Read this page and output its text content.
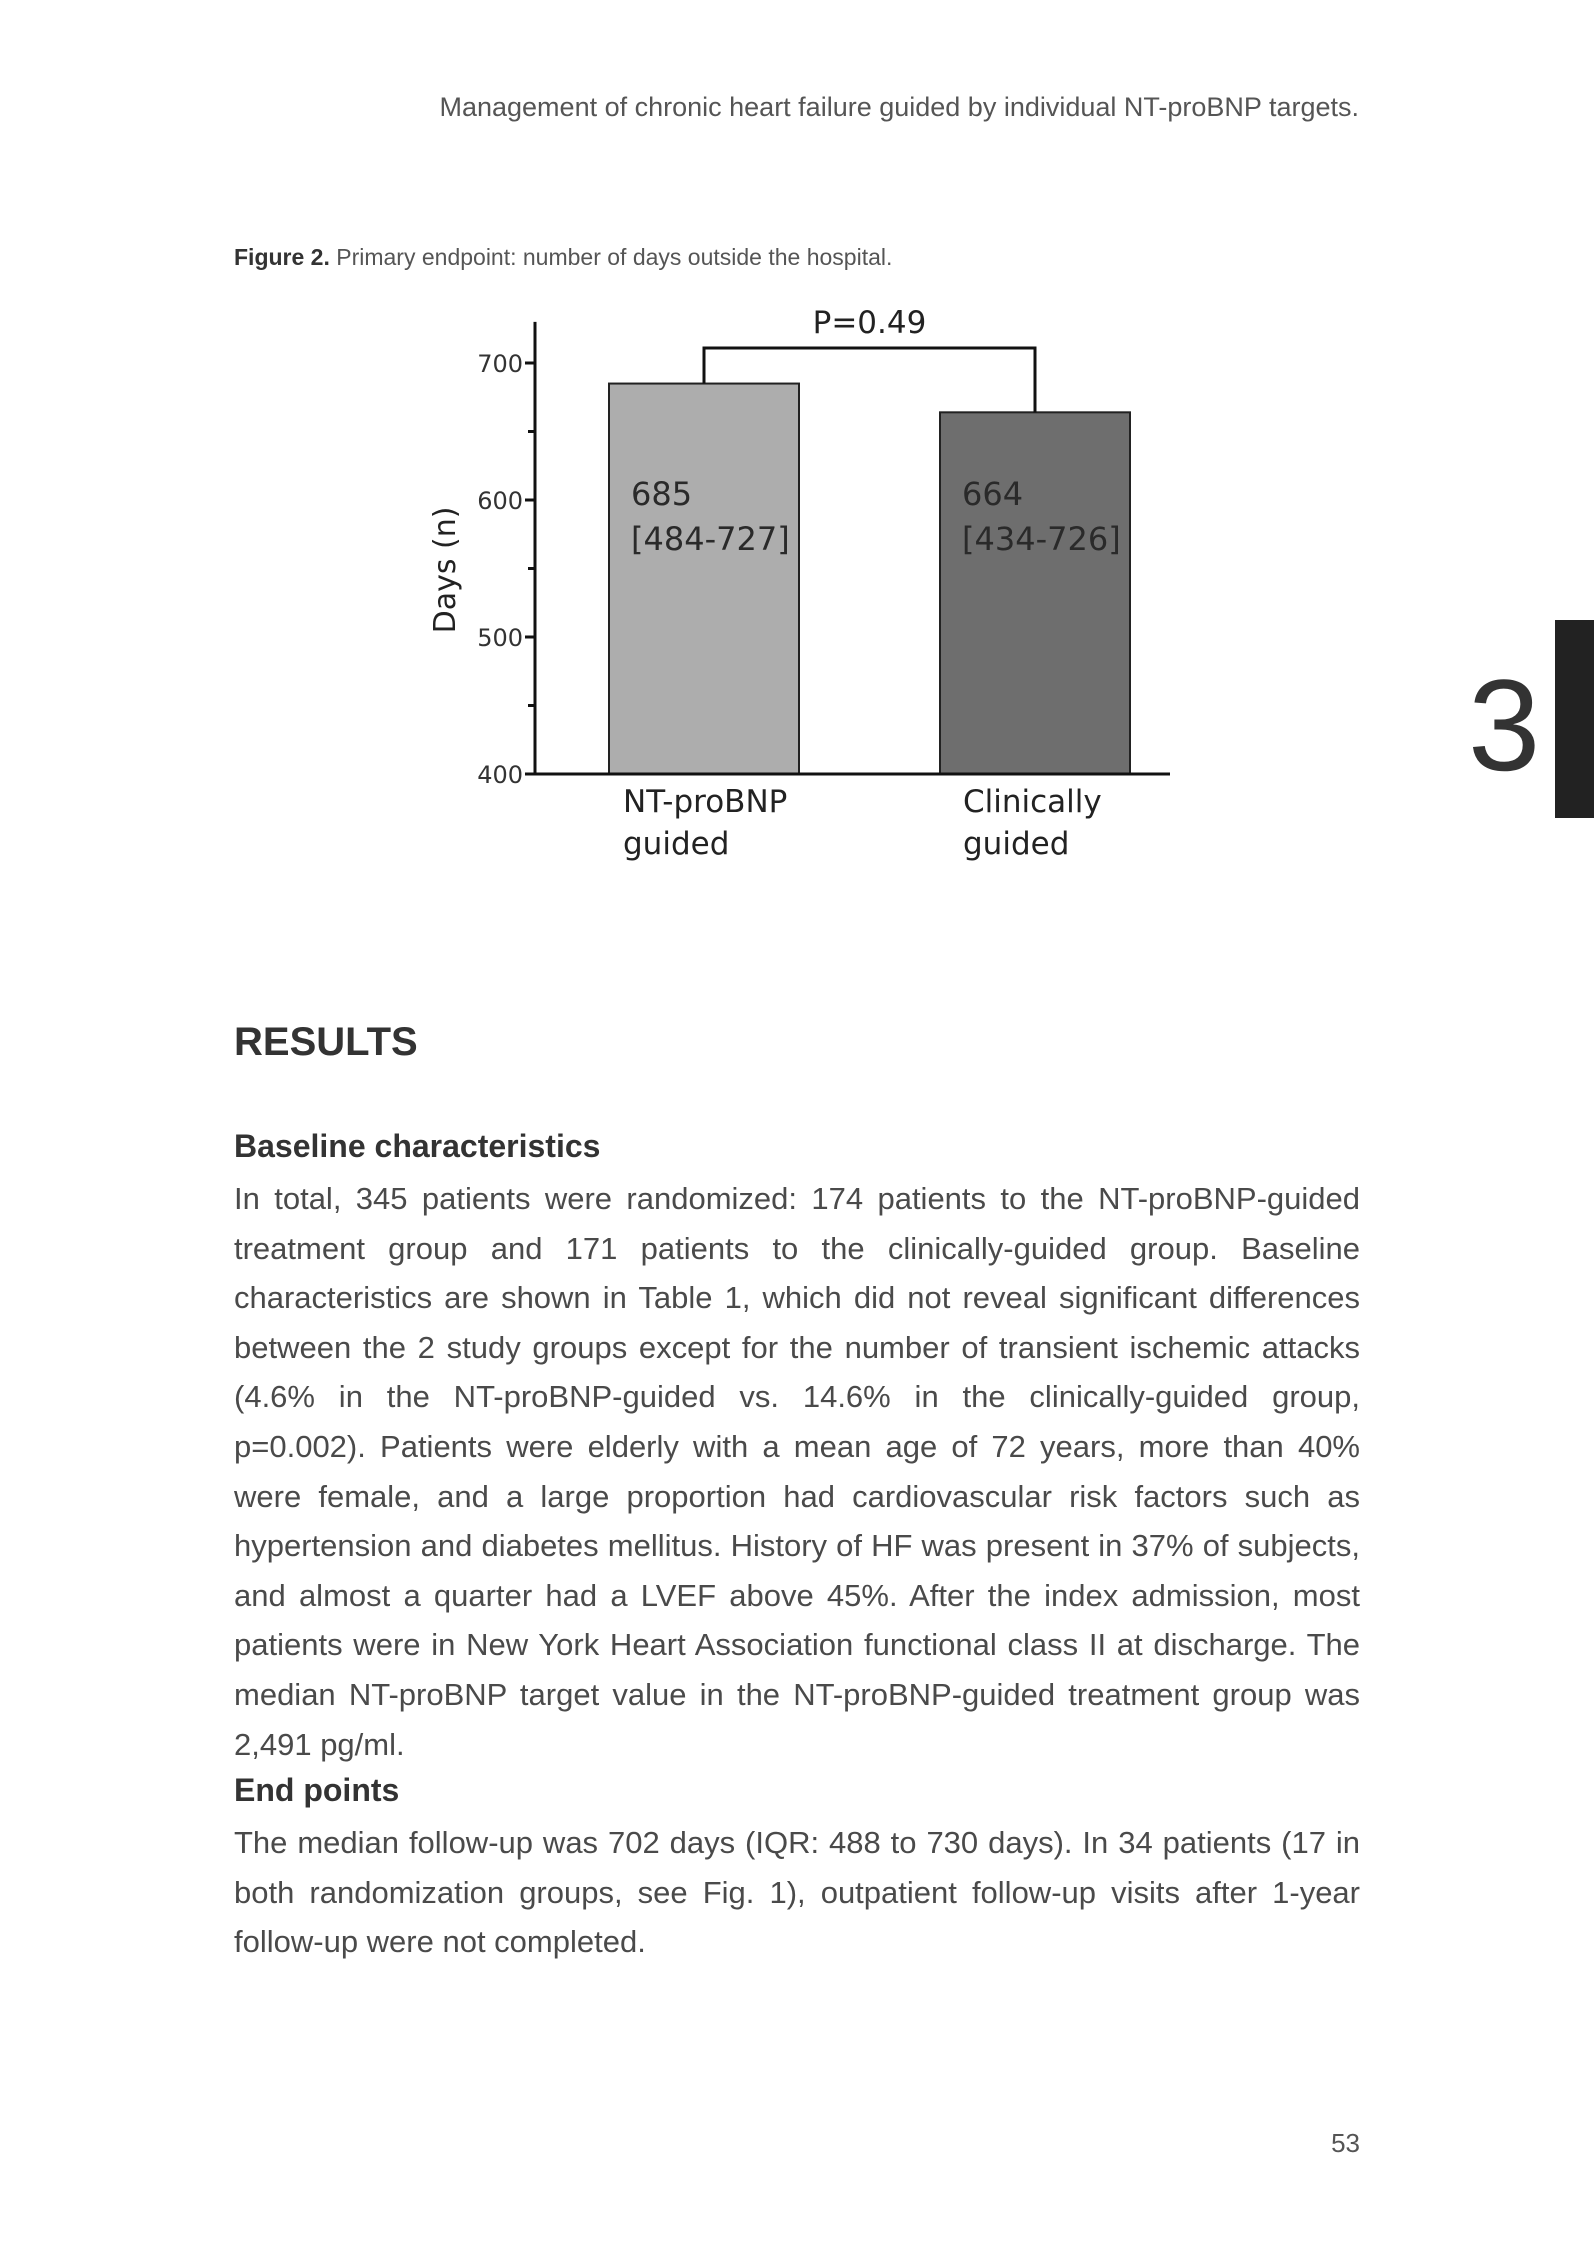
Management of chronic heart failure guided by individual NT-proBNP targets.
Figure 2. Primary endpoint: number of days outside the hospital.
400
500
600
700
Days (n)
685
[484-727]
664
[434-726]
NT-proBNP
guided
Clinically
guided
P=0.49
3
RESULTS
Baseline characteristics
In total, 345 patients were randomized: 174 patients to the NT-proBNP-guided treatment group and 171 patients to the clinically-guided group. Baseline characteristics are shown in Table 1, which did not reveal significant differences between the 2 study groups except for the number of transient ischemic attacks (4.6% in the NT-proBNP-guided vs. 14.6% in the clinically-guided group, p=0.002). Patients were elderly with a mean age of 72 years, more than 40% were female, and a large proportion had cardiovascular risk factors such as hypertension and diabetes mellitus. History of HF was present in 37% of subjects, and almost a quarter had a LVEF above 45%. After the index admission, most patients were in New York Heart Association functional class II at discharge. The median NT-proBNP target value in the NT-proBNP-guided treatment group was 2,491 pg/ml.
End points
The median follow-up was 702 days (IQR: 488 to 730 days). In 34 patients (17 in both randomization groups, see Fig. 1), outpatient follow-up visits after 1-year follow-up were not completed.
53
